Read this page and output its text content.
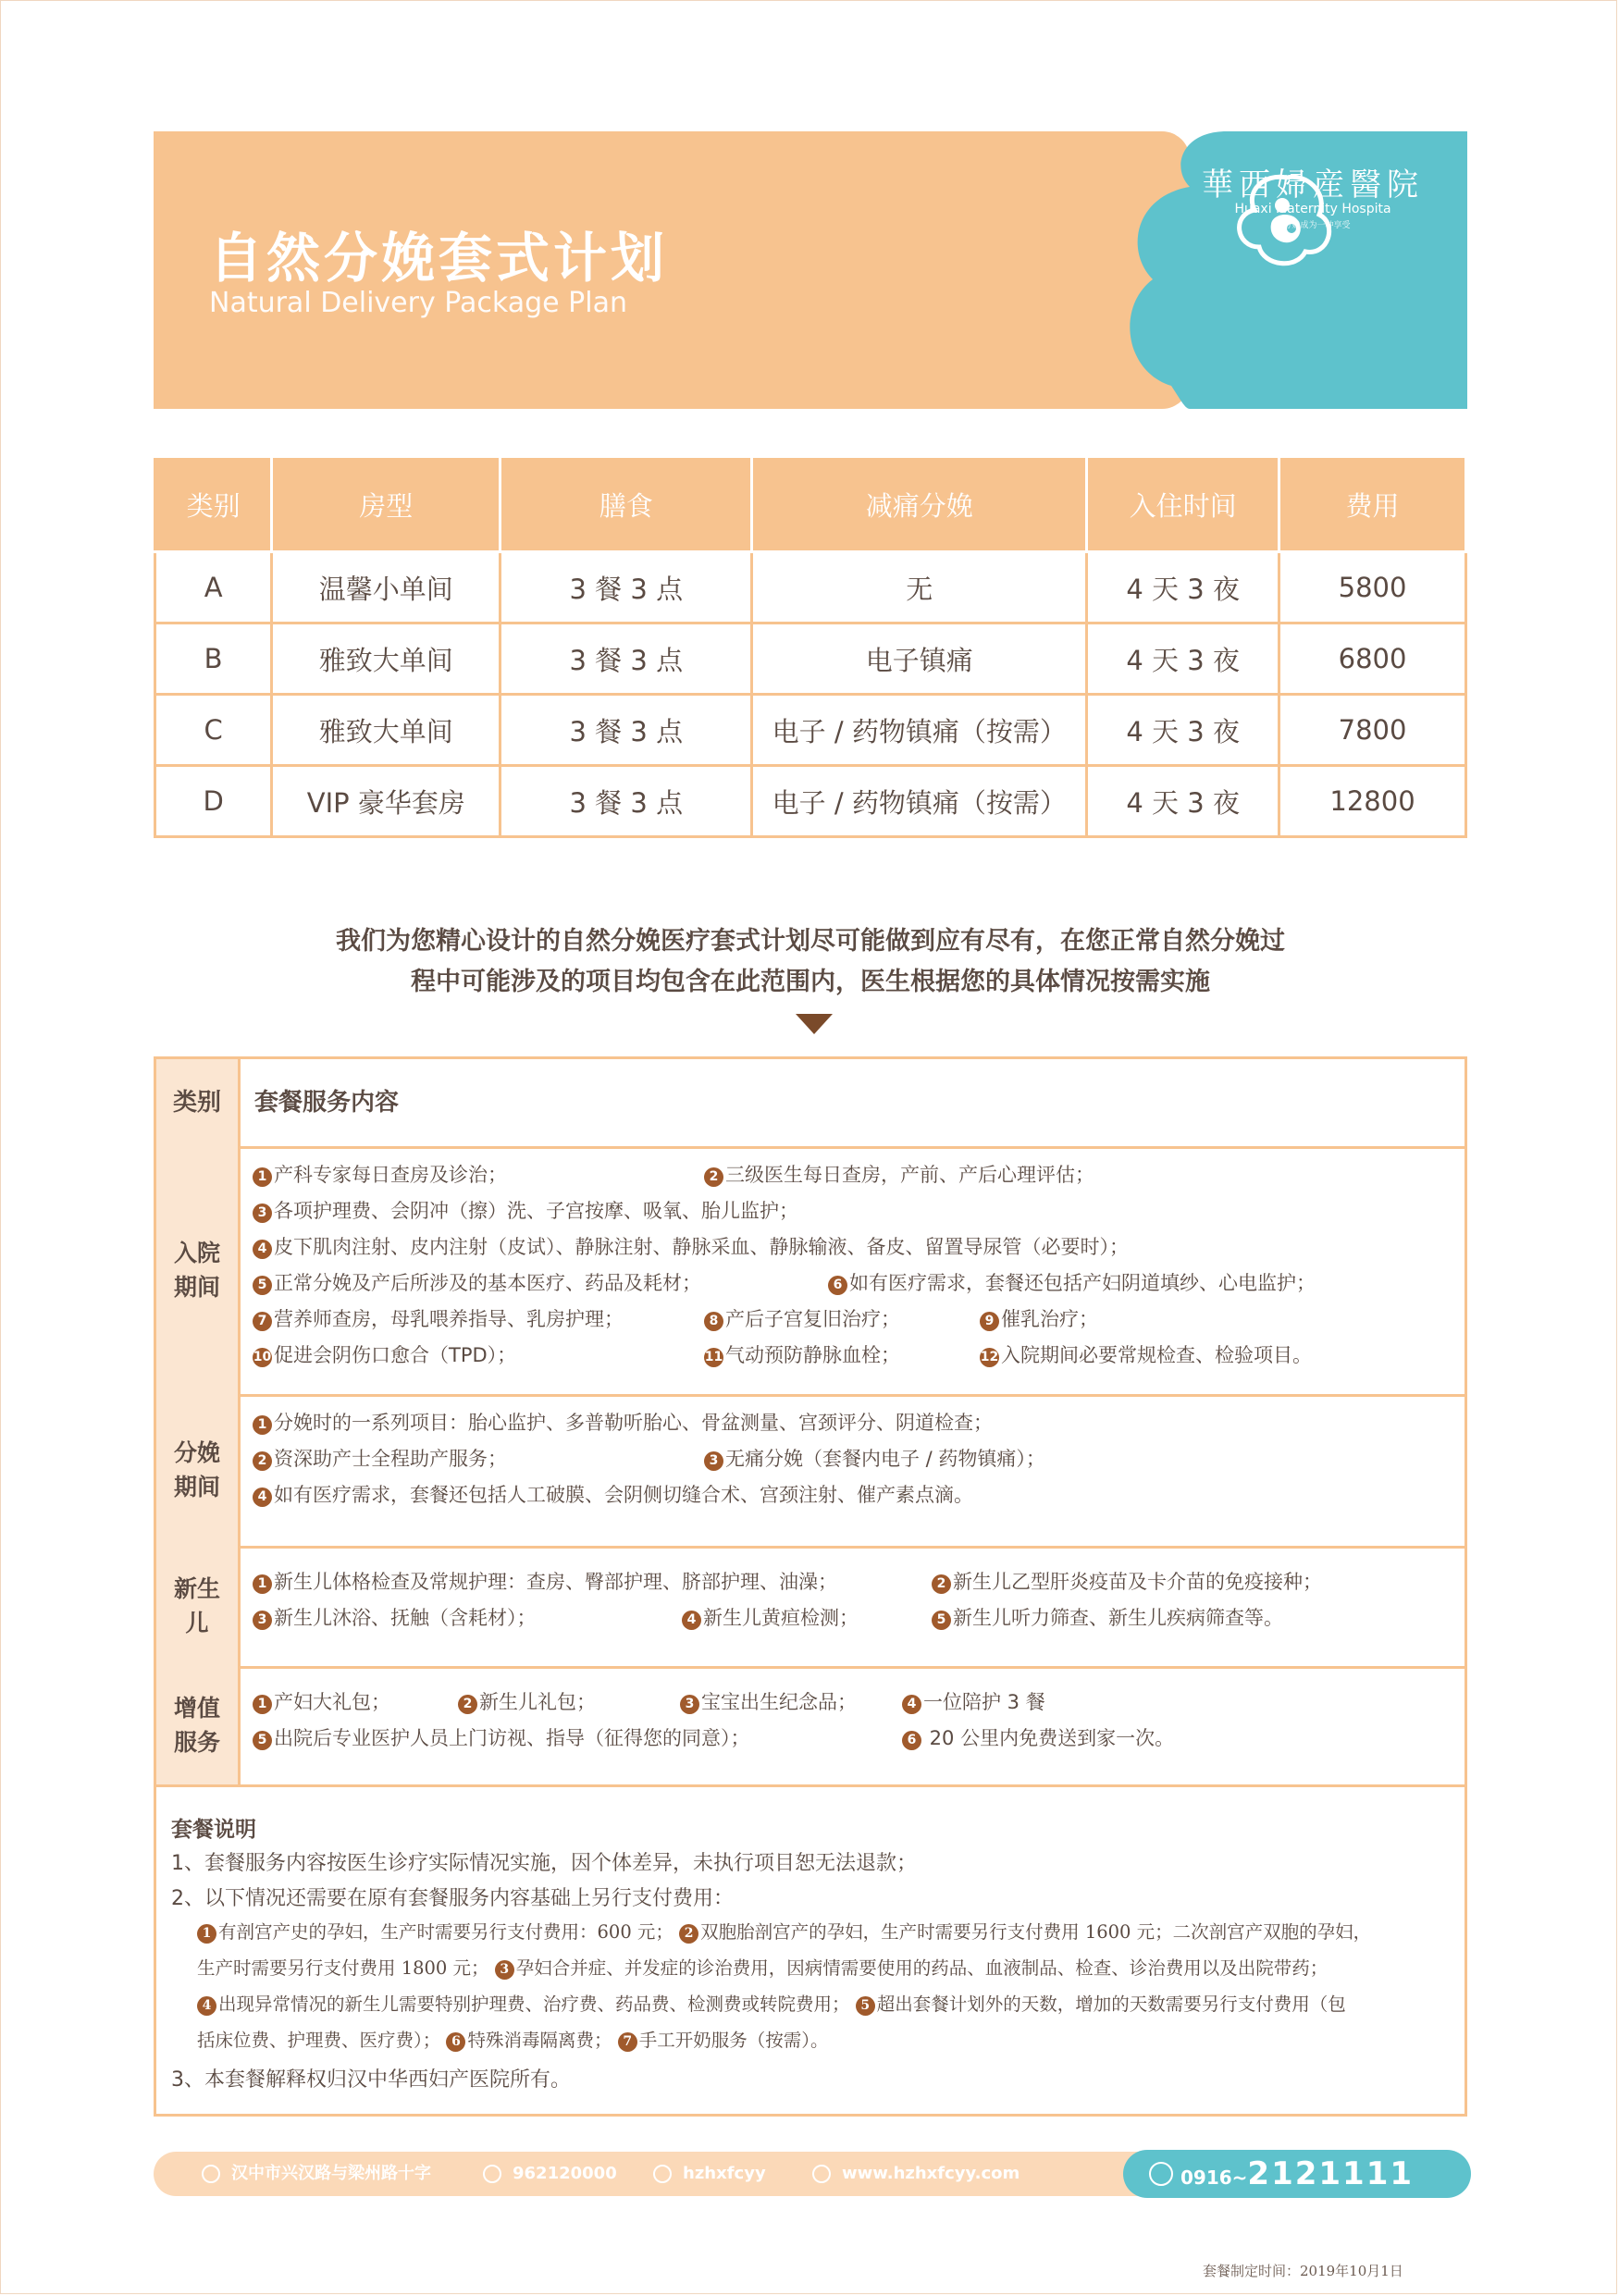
自然分娩套式计划
Natural Delivery Package Plan
華西婦産醫院
Huaxi Maternity Hospita
让分娩成为一种享受
类别	房型	膳食	减痛分娩	入住时间	费用
A	温馨小单间	3 餐 3 点	无	4 天 3 夜	5800
B	雅致大单间	3 餐 3 点	电子镇痛	4 天 3 夜	6800
C	雅致大单间	3 餐 3 点	电子 / 药物镇痛（按需）	4 天 3 夜	7800
D	VIP 豪华套房	3 餐 3 点	电子 / 药物镇痛（按需）	4 天 3 夜	12800
我们为您精心设计的自然分娩医疗套式计划尽可能做到应有尽有，在您正常自然分娩过
程中可能涉及的项目均包含在此范围内，医生根据您的具体情况按需实施
类别	套餐服务内容
入院
期间
1 产科专家每日查房及诊治；	2 三级医生每日查房，产前、产后心理评估；
3 各项护理费、会阴冲（擦）洗、子宫按摩、吸氧、胎儿监护；
4 皮下肌肉注射、皮内注射（皮试）、静脉注射、静脉采血、静脉输液、备皮、留置导尿管（必要时）；
5 正常分娩及产后所涉及的基本医疗、药品及耗材；	6 如有医疗需求，套餐还包括产妇阴道填纱、心电监护；
7 营养师查房，母乳喂养指导、乳房护理；	8 产后子宫复旧治疗；	9 催乳治疗；
10 促进会阴伤口愈合（TPD）；	11 气动预防静脉血栓；	12 入院期间必要常规检查、检验项目。
分娩
期间
1 分娩时的一系列项目：胎心监护、多普勒听胎心、骨盆测量、宫颈评分、阴道检查；
2 资深助产士全程助产服务；	3 无痛分娩（套餐内电子 / 药物镇痛）；
4 如有医疗需求，套餐还包括人工破膜、会阴侧切缝合术、宫颈注射、催产素点滴。
新生
儿
1 新生儿体格检查及常规护理：查房、臀部护理、脐部护理、油澡；	2 新生儿乙型肝炎疫苗及卡介苗的免疫接种；
3 新生儿沐浴、抚触（含耗材）；	4 新生儿黄疸检测；	5 新生儿听力筛查、新生儿疾病筛查等。
增值
服务
1 产妇大礼包；	2 新生儿礼包；	3 宝宝出生纪念品；	4 一位陪护 3 餐
5 出院后专业医护人员上门访视、指导（征得您的同意）；	6 20 公里内免费送到家一次。
套餐说明
1、套餐服务内容按医生诊疗实际情况实施，因个体差异，未执行项目恕无法退款；
2、以下情况还需要在原有套餐服务内容基础上另行支付费用：
1 有剖宫产史的孕妇，生产时需要另行支付费用：600 元； 2 双胞胎剖宫产的孕妇，生产时需要另行支付费用 1600 元；二次剖宫产双胞的孕妇，
生产时需要另行支付费用 1800 元； 3 孕妇合并症、并发症的诊治费用，因病情需要使用的药品、血液制品、检查、诊治费用以及出院带药；
4 出现异常情况的新生儿需要特别护理费、治疗费、药品费、检测费或转院费用； 5 超出套餐计划外的天数，增加的天数需要另行支付费用（包
括床位费、护理费、医疗费）； 6 特殊消毒隔离费； 7 手工开奶服务（按需）。
3、本套餐解释权归汉中华西妇产医院所有。
汉中市兴汉路与梁州路十字	962120000	hzhxfcyy	www.hzhxfcyy.com	0916~2121111
套餐制定时间：2019年10月1日
